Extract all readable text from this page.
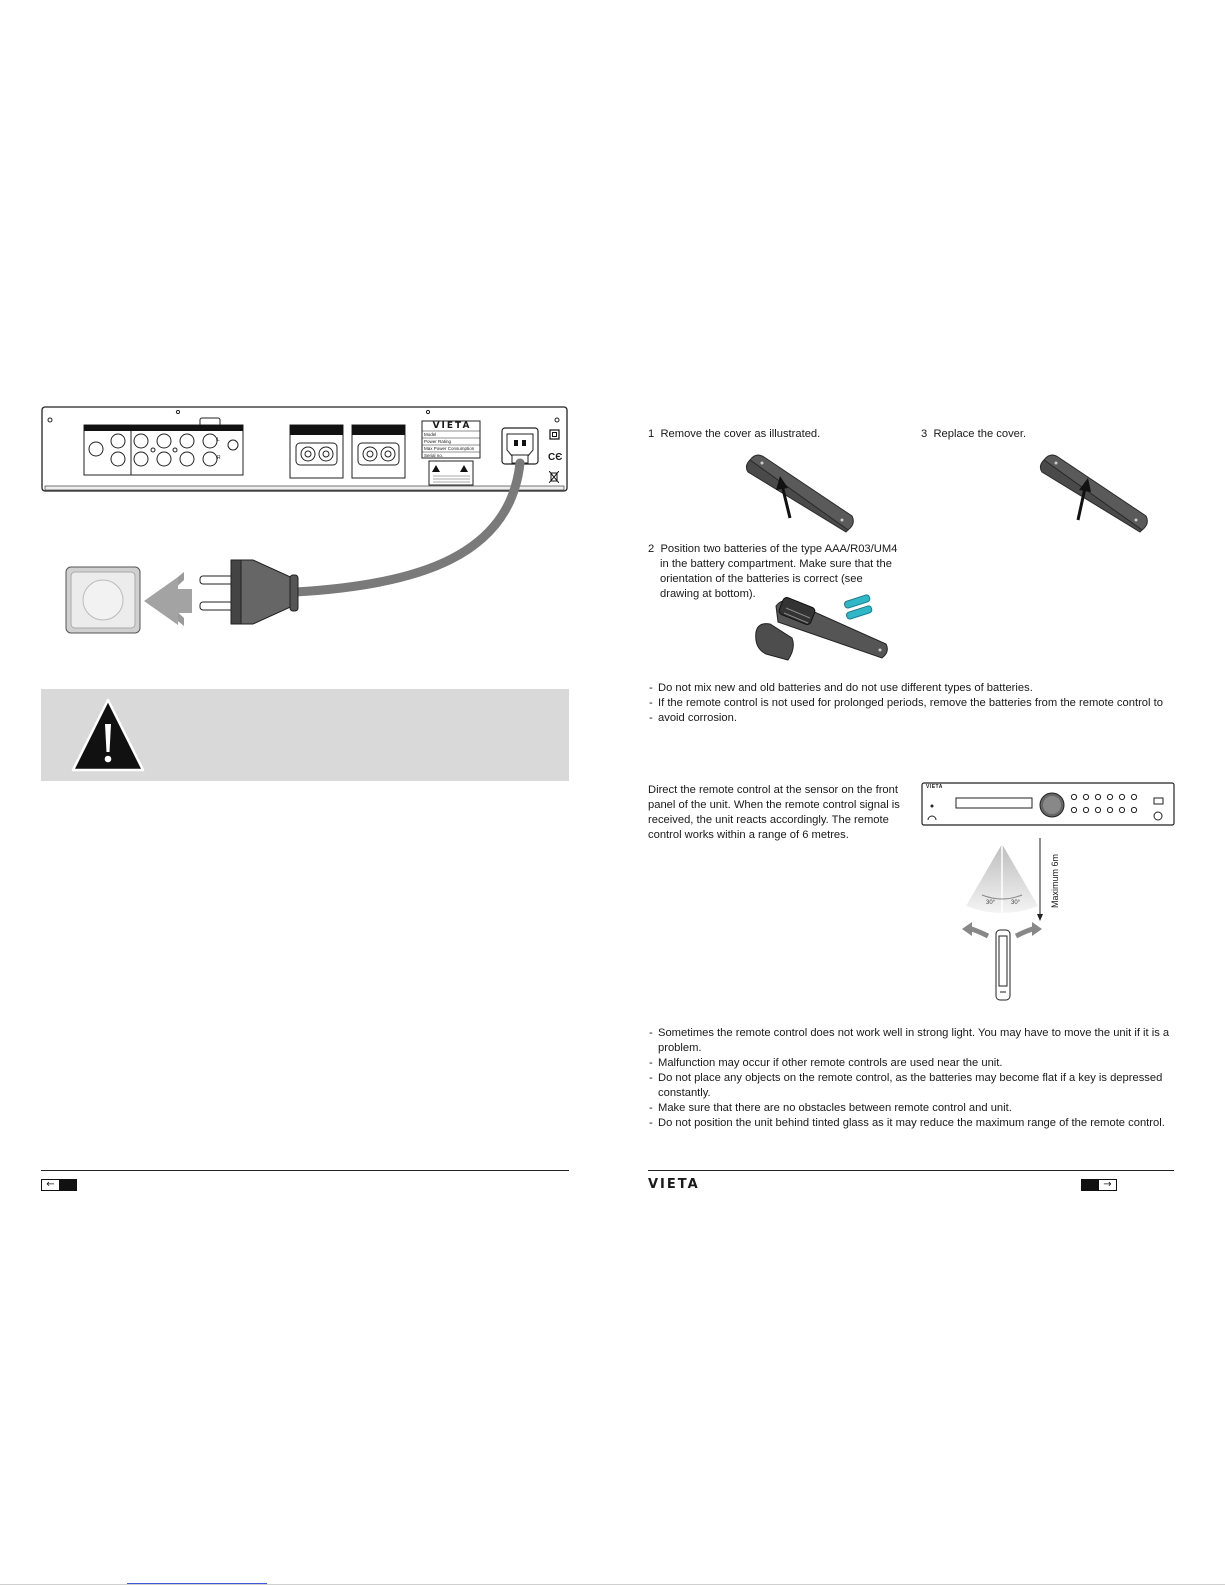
VIETA
Model
Power Rating
Max Power Consumption
Serial no.
L
R	CЄ
←
1 Remove the cover as illustrated.	3 Replace the cover.
2 Position two batteries of the type AAA/R03/UM4
in the battery compartment. Make sure that the
orientation of the batteries is correct (see
drawing at bottom).
- Do not mix new and old batteries and do not use different types of batteries.
- If the remote control is not used for prolonged periods, remove the batteries from the remote control to
- avoid corrosion.
Direct the remote control at the sensor on the front
panel of the unit. When the remote control signal is
received, the unit reacts accordingly. The remote
control works within a range of 6 metres.
VIETA
30°	30°	Maximum 6m
- Sometimes the remote control does not work well in strong light. You may have to move the unit if it is a
problem.
- Malfunction may occur if other remote controls are used near the unit.
- Do not place any objects on the remote control, as the batteries may become flat if a key is depressed
constantly.
- Make sure that there are no obstacles between remote control and unit.
- Do not position the unit behind tinted glass as it may reduce the maximum range of the remote control.
VIETA	→
